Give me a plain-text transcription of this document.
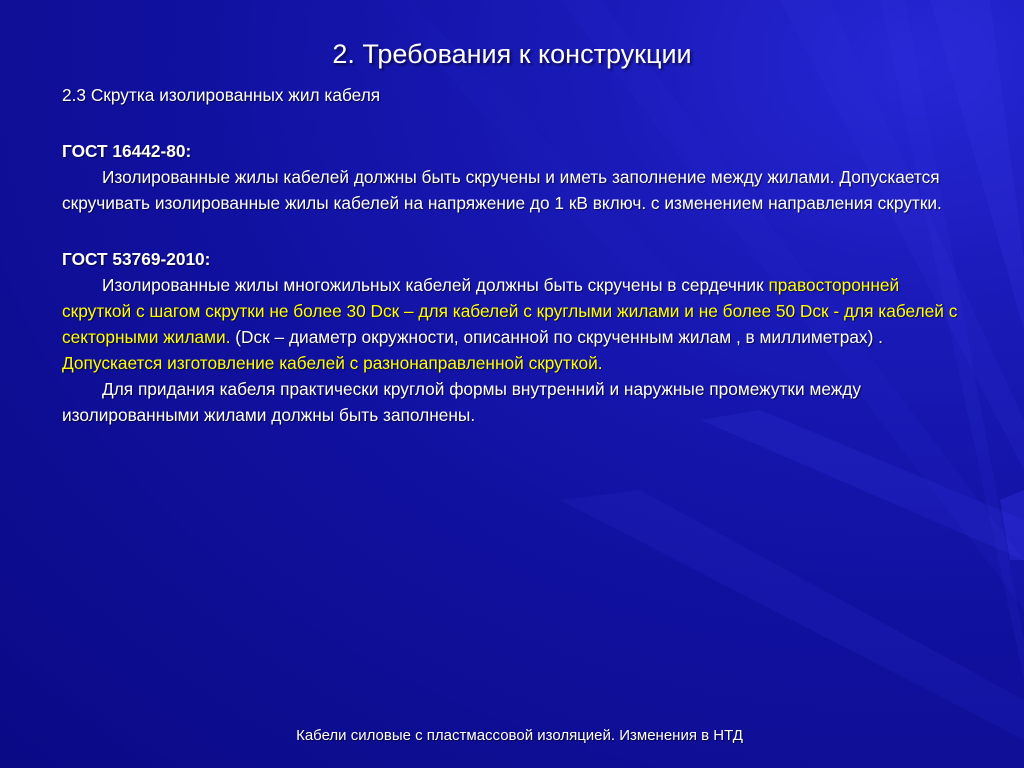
2. Требования к конструкции

2.3 Скрутка изолированных жил кабеля

ГОСТ 16442-80:

Изолированные жилы кабелей должны быть скручены и иметь заполнение между жилами. Допускается скручивать изолированные жилы кабелей на напряжение до 1 кВ включ. с изменением направления скрутки.

ГОСТ 53769-2010:

Изолированные жилы многожильных кабелей должны быть скручены в сердечник правосторонней скруткой с шагом скрутки не более 30 Dск – для кабелей с круглыми жилами и не более 50 Dск - для кабелей с секторными жилами. (Dск – диаметр окружности, описанной по скрученным жилам , в миллиметрах) . Допускается изготовление кабелей с разнонаправленной скруткой.

Для придания кабеля практически круглой формы внутренний и наружные промежутки между изолированными жилами должны быть заполнены.

Кабели силовые с пластмассовой изоляцией. Изменения в НТД
